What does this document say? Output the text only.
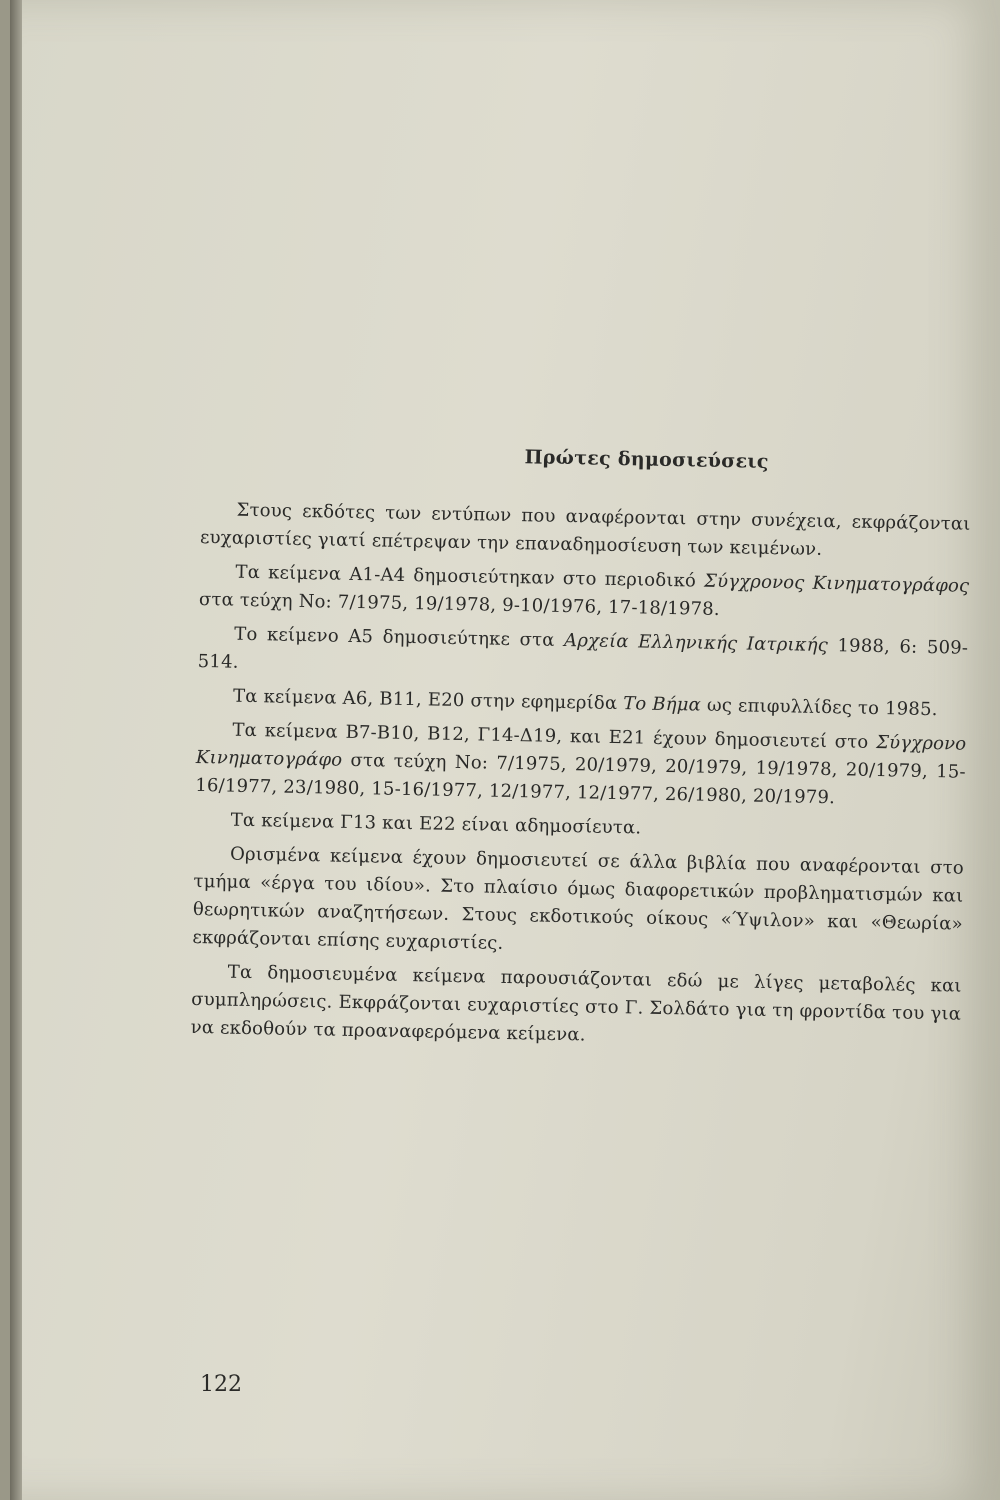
Πρώτες δημοσιεύσεις

Στους εκδότες των εντύπων που αναφέρονται στην συνέχεια, εκφράζονται ευχαριστίες γιατί επέτρεψαν την επαναδημοσίευση των κειμένων.

Τα κείμενα Α1-Α4 δημοσιεύτηκαν στο περιοδικό Σύγχρονος Κινηματογράφος στα τεύχη Νο: 7/1975, 19/1978, 9-10/1976, 17-18/1978.

Το κείμενο Α5 δημοσιεύτηκε στα Αρχεία Ελληνικής Ιατρικής 1988, 6: 509-514.

Τα κείμενα Α6, Β11, Ε20 στην εφημερίδα Το Βήμα ως επιφυλλίδες το 1985.

Τα κείμενα Β7-Β10, Β12, Γ14-Δ19, και Ε21 έχουν δημοσιευτεί στο Σύγχρονο Κινηματογράφο στα τεύχη Νο: 7/1975, 20/1979, 20/1979, 19/1978, 20/1979, 15-16/1977, 23/1980, 15-16/1977, 12/1977, 12/1977, 26/1980, 20/1979.

Τα κείμενα Γ13 και Ε22 είναι αδημοσίευτα.

Ορισμένα κείμενα έχουν δημοσιευτεί σε άλλα βιβλία που αναφέρονται στο τμήμα «έργα του ιδίου». Στο πλαίσιο όμως διαφορετικών προβληματισμών και θεωρητικών αναζητήσεων. Στους εκδοτικούς οίκους «Ύψιλον» και «Θεωρία» εκφράζονται επίσης ευχαριστίες.

Τα δημοσιευμένα κείμενα παρουσιάζονται εδώ με λίγες μεταβολές και συμπληρώσεις. Εκφράζονται ευχαριστίες στο Γ. Σολδάτο για τη φροντίδα του για να εκδοθούν τα προαναφερόμενα κείμενα.

122
